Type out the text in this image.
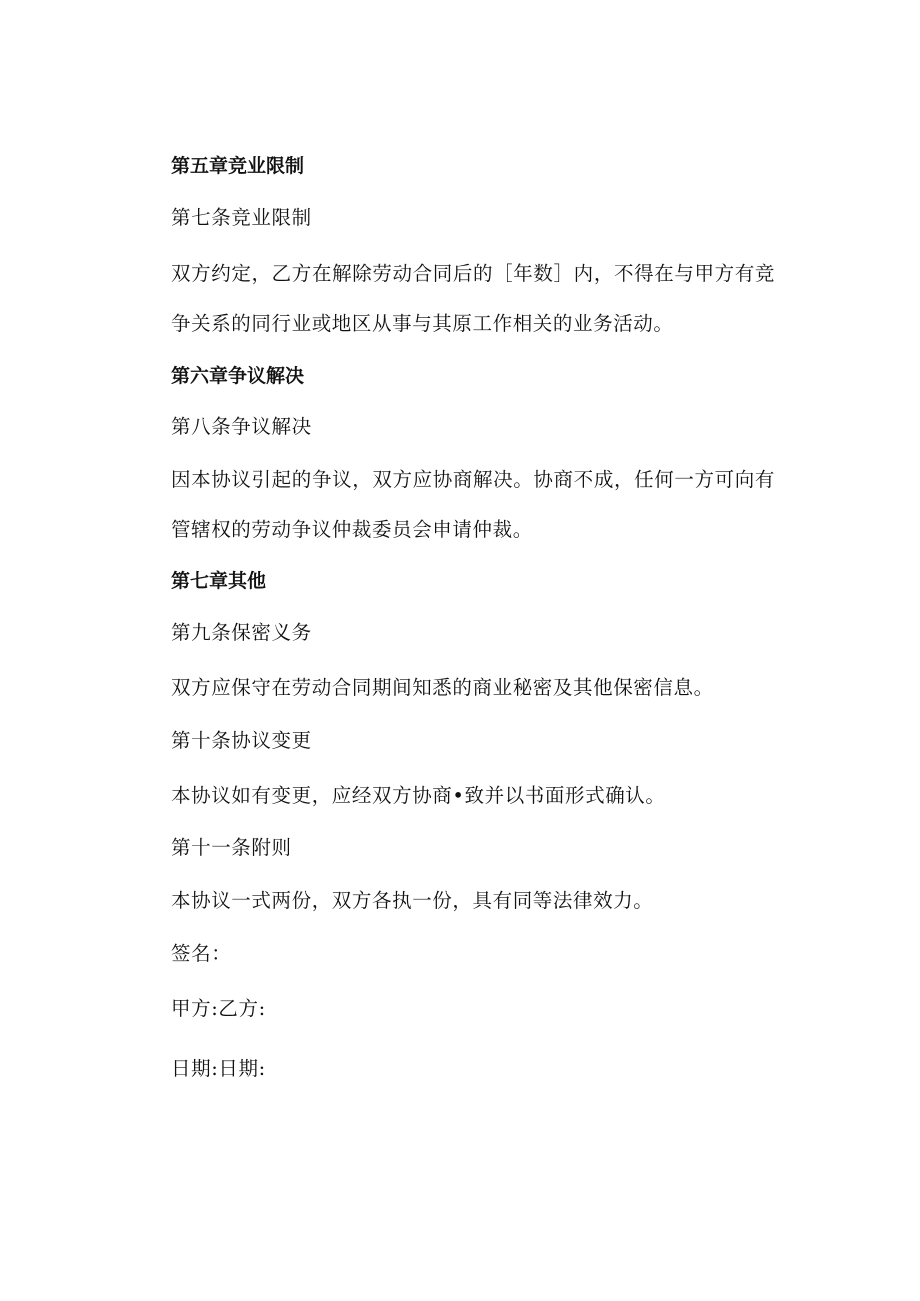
第五章竞业限制
第七条竞业限制
双方约定，乙方在解除劳动合同后的［年数］内，不得在与甲方有竞争关系的同行业或地区从事与其原工作相关的业务活动。
第六章争议解决
第八条争议解决
因本协议引起的争议，双方应协商解决。协商不成，任何一方可向有管辖权的劳动争议仲裁委员会申请仲裁。
第七章其他
第九条保密义务
双方应保守在劳动合同期间知悉的商业秘密及其他保密信息。
第十条协议变更
本协议如有变更，应经双方协商•致并以书面形式确认。
第十一条附则
本协议一式两份，双方各执一份，具有同等法律效力。
签名：
甲方:乙方:
日期:日期:
